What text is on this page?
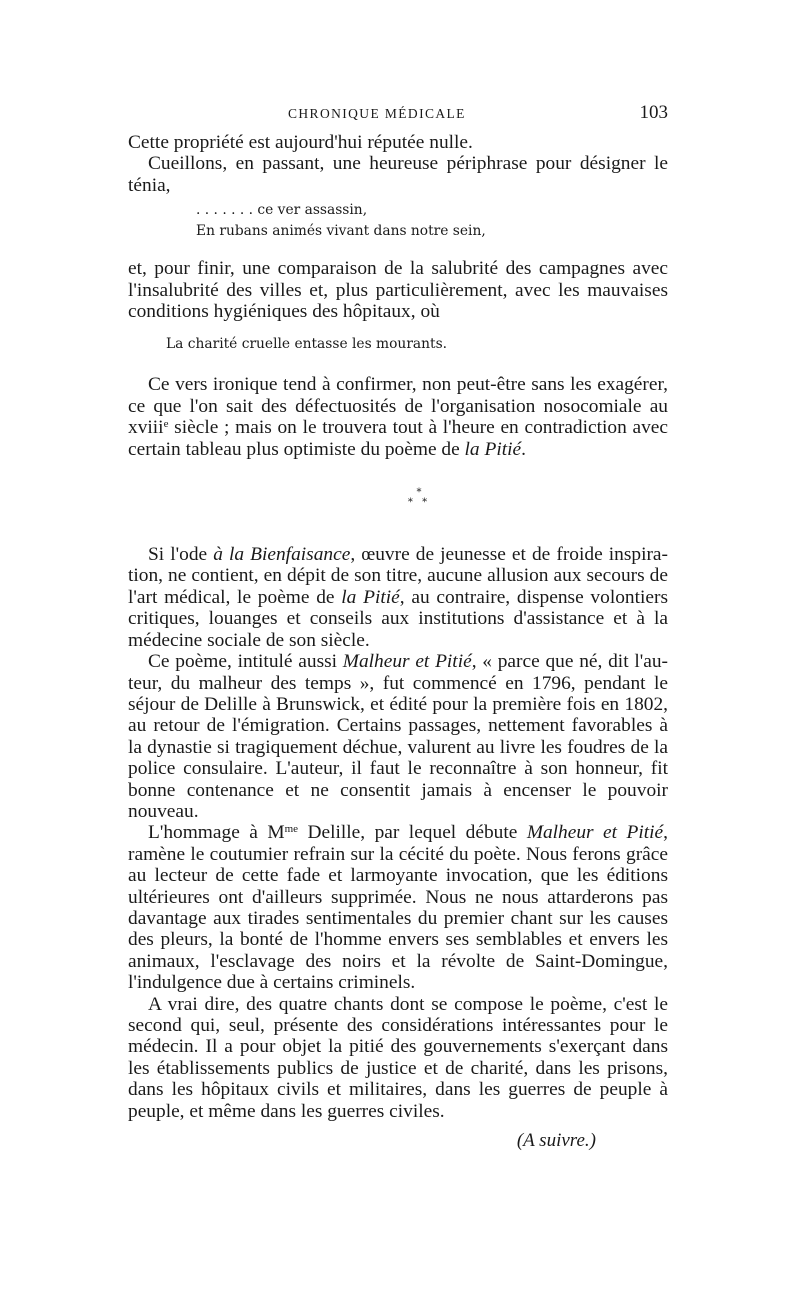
CHRONIQUE MÉDICALE	103

Cette propriété est aujourd'hui réputée nulle.

Cueillons, en passant, une heureuse périphrase pour désigner le ténia,

. . . . . . . ce ver assassin,
En rubans animés vivant dans notre sein,

et, pour finir, une comparaison de la salubrité des campagnes avec l'insalubrité des villes et, plus particulièrement, avec les mauvaises conditions hygiéniques des hôpitaux, où

La charité cruelle entasse les mourants.

Ce vers ironique tend à confirmer, non peut-être sans les exagérer, ce que l'on sait des défectuosités de l'organisation nosocomiale au xviii$^e$ siècle ; mais on le trouvera tout à l'heure en contradiction avec certain tableau plus optimiste du poème de la Pitié.

*
* *

Si l'ode à la Bienfaisance, œuvre de jeunesse et de froide inspiration, ne contient, en dépit de son titre, aucune allusion aux secours de l'art médical, le poème de la Pitié, au contraire, dispense volontiers critiques, louanges et conseils aux institutions d'assistance et à la médecine sociale de son siècle.

Ce poème, intitulé aussi Malheur et Pitié, « parce que né, dit l'auteur, du malheur des temps », fut commencé en 1796, pendant le séjour de Delille à Brunswick, et édité pour la première fois en 1802, au retour de l'émigration. Certains passages, nettement favorables à la dynastie si tragiquement déchue, valurent au livre les foudres de la police consulaire. L'auteur, il faut le reconnaître à son honneur, fit bonne contenance et ne consentit jamais à encenser le pouvoir nouveau.

L'hommage à $M^{me}$ Delille, par lequel débute Malheur et Pitié, ramène le coutumier refrain sur la cécité du poète. Nous ferons grâce au lecteur de cette fade et larmoyante invocation, que les éditions ultérieures ont d'ailleurs supprimée. Nous ne nous attarderons pas davantage aux tirades sentimentales du premier chant sur les causes des pleurs, la bonté de l'homme envers ses semblables et envers les animaux, l'esclavage des noirs et la révolte de Saint-Domingue, l'indulgence due à certains criminels.

A vrai dire, des quatre chants dont se compose le poème, c'est le second qui, seul, présente des considérations intéressantes pour le médecin. Il a pour objet la pitié des gouvernements s'exerçant dans les établissements publics de justice et de charité, dans les prisons, dans les hôpitaux civils et militaires, dans les guerres de peuple à peuple, et même dans les guerres civiles.

(A suivre.)
